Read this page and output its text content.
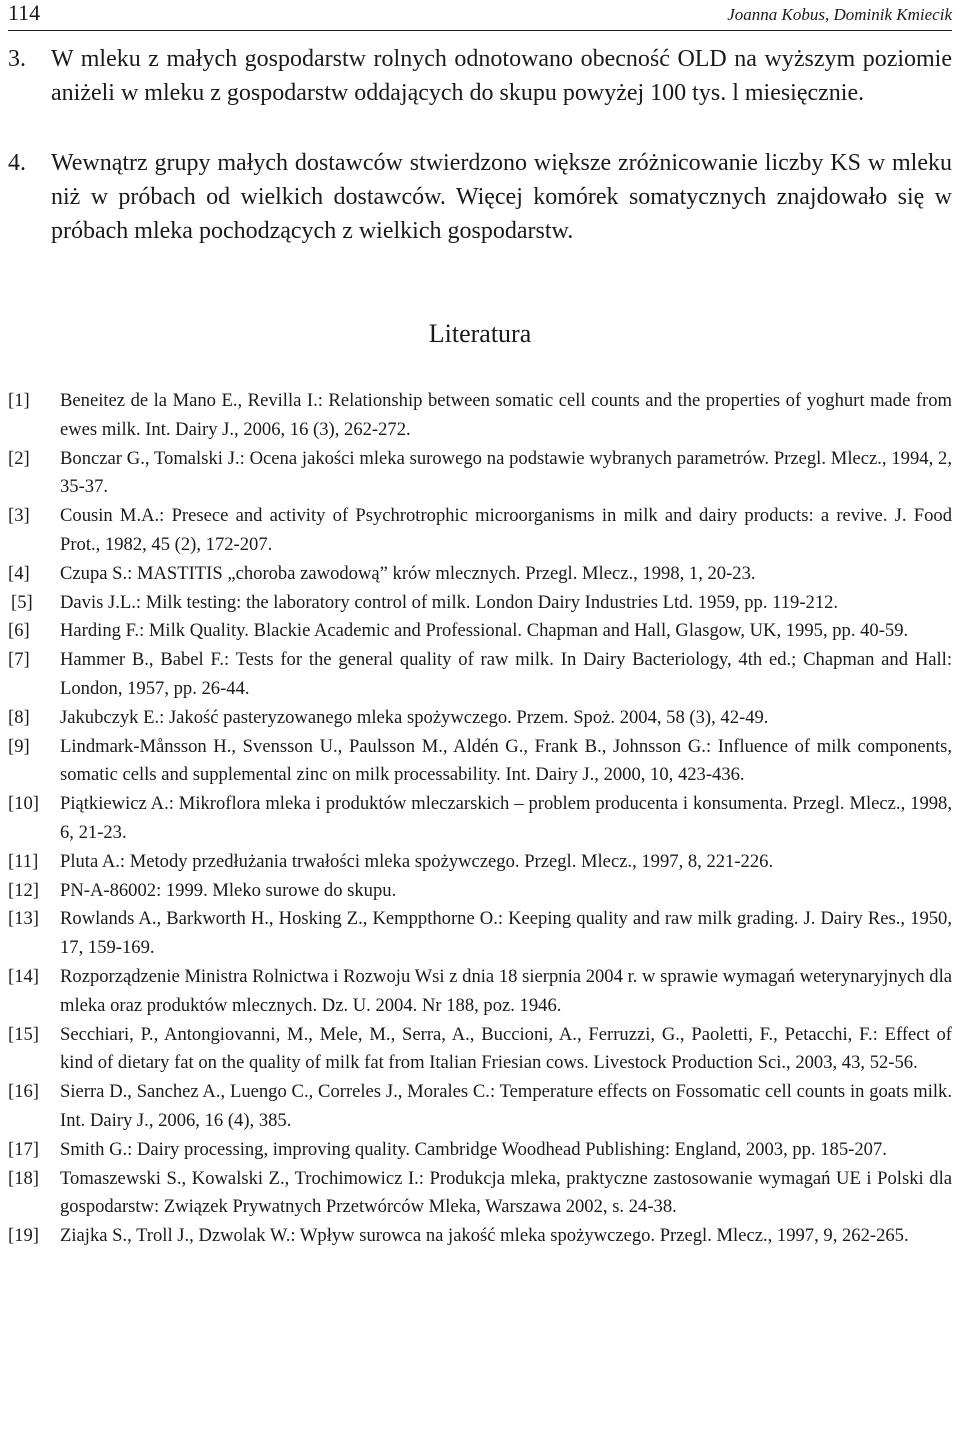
114	Joanna Kobus, Dominik Kmiecik

3.	W mleku z małych gospodarstw rolnych odnotowano obecność OLD na wyższym poziomie aniżeli w mleku z gospodarstw oddających do skupu powyżej 100 tys. l miesięcznie.

4.	Wewnątrz grupy małych dostawców stwierdzono większe zróżnicowanie liczby KS w mleku niż w próbach od wielkich dostawców. Więcej komórek somatycznych znajdowało się w próbach mleka pochodzących z wielkich gospodarstw.

Literatura
[1] Beneitez de la Mano E., Revilla I.: Relationship between somatic cell counts and the properties of yoghurt made from ewes milk. Int. Dairy J., 2006, 16 (3), 262-272.
[2] Bonczar G., Tomalski J.: Ocena jakości mleka surowego na podstawie wybranych parametrów. Przegl. Mlecz., 1994, 2, 35-37.
[3] Cousin M.A.: Presece and activity of Psychrotrophic microorganisms in milk and dairy products: a revive. J. Food Prot., 1982, 45 (2), 172-207.
[4] Czupa S.: MASTITIS „choroba zawodową” krów mlecznych. Przegl. Mlecz., 1998, 1, 20-23.
[5] Davis J.L.: Milk testing: the laboratory control of milk. London Dairy Industries Ltd. 1959, pp. 119-212.
[6] Harding F.: Milk Quality. Blackie Academic and Professional. Chapman and Hall, Glasgow, UK, 1995, pp. 40-59.
[7] Hammer B., Babel F.: Tests for the general quality of raw milk. In Dairy Bacteriology, 4th ed.; Chapman and Hall: London, 1957, pp. 26-44.
[8] Jakubczyk E.: Jakość pasteryzowanego mleka spożywczego. Przem. Spoż. 2004, 58 (3), 42-49.
[9] Lindmark-Månsson H., Svensson U., Paulsson M., Aldén G., Frank B., Johnsson G.: Influence of milk components, somatic cells and supplemental zinc on milk processability. Int. Dairy J., 2000, 10, 423-436.
[10] Piątkiewicz A.: Mikroflora mleka i produktów mleczarskich – problem producenta i konsumenta. Przegl. Mlecz., 1998, 6, 21-23.
[11] Pluta A.: Metody przedłużania trwałości mleka spożywczego. Przegl. Mlecz., 1997, 8, 221-226.
[12] PN-A-86002: 1999. Mleko surowe do skupu.
[13] Rowlands A., Barkworth H., Hosking Z., Kemppthorne O.: Keeping quality and raw milk grading. J. Dairy Res., 1950, 17, 159-169.
[14] Rozporządzenie Ministra Rolnictwa i Rozwoju Wsi z dnia 18 sierpnia 2004 r. w sprawie wymagań weterynaryjnych dla mleka oraz produktów mlecznych. Dz. U. 2004. Nr 188, poz. 1946.
[15] Secchiari, P., Antongiovanni, M., Mele, M., Serra, A., Buccioni, A., Ferruzzi, G., Paoletti, F., Petacchi, F.: Effect of kind of dietary fat on the quality of milk fat from Italian Friesian cows. Livestock Production Sci., 2003, 43, 52-56.
[16] Sierra D., Sanchez A., Luengo C., Correles J., Morales C.: Temperature effects on Fossomatic cell counts in goats milk. Int. Dairy J., 2006, 16 (4), 385.
[17] Smith G.: Dairy processing, improving quality. Cambridge Woodhead Publishing: England, 2003, pp. 185-207.
[18] Tomaszewski S., Kowalski Z., Trochimowicz I.: Produkcja mleka, praktyczne zastosowanie wymagań UE i Polski dla gospodarstw: Związek Prywatnych Przetwórców Mleka, Warszawa 2002, s. 24-38.
[19] Ziajka S., Troll J., Dzwolak W.: Wpływ surowca na jakość mleka spożywczego. Przegl. Mlecz., 1997, 9, 262-265.
